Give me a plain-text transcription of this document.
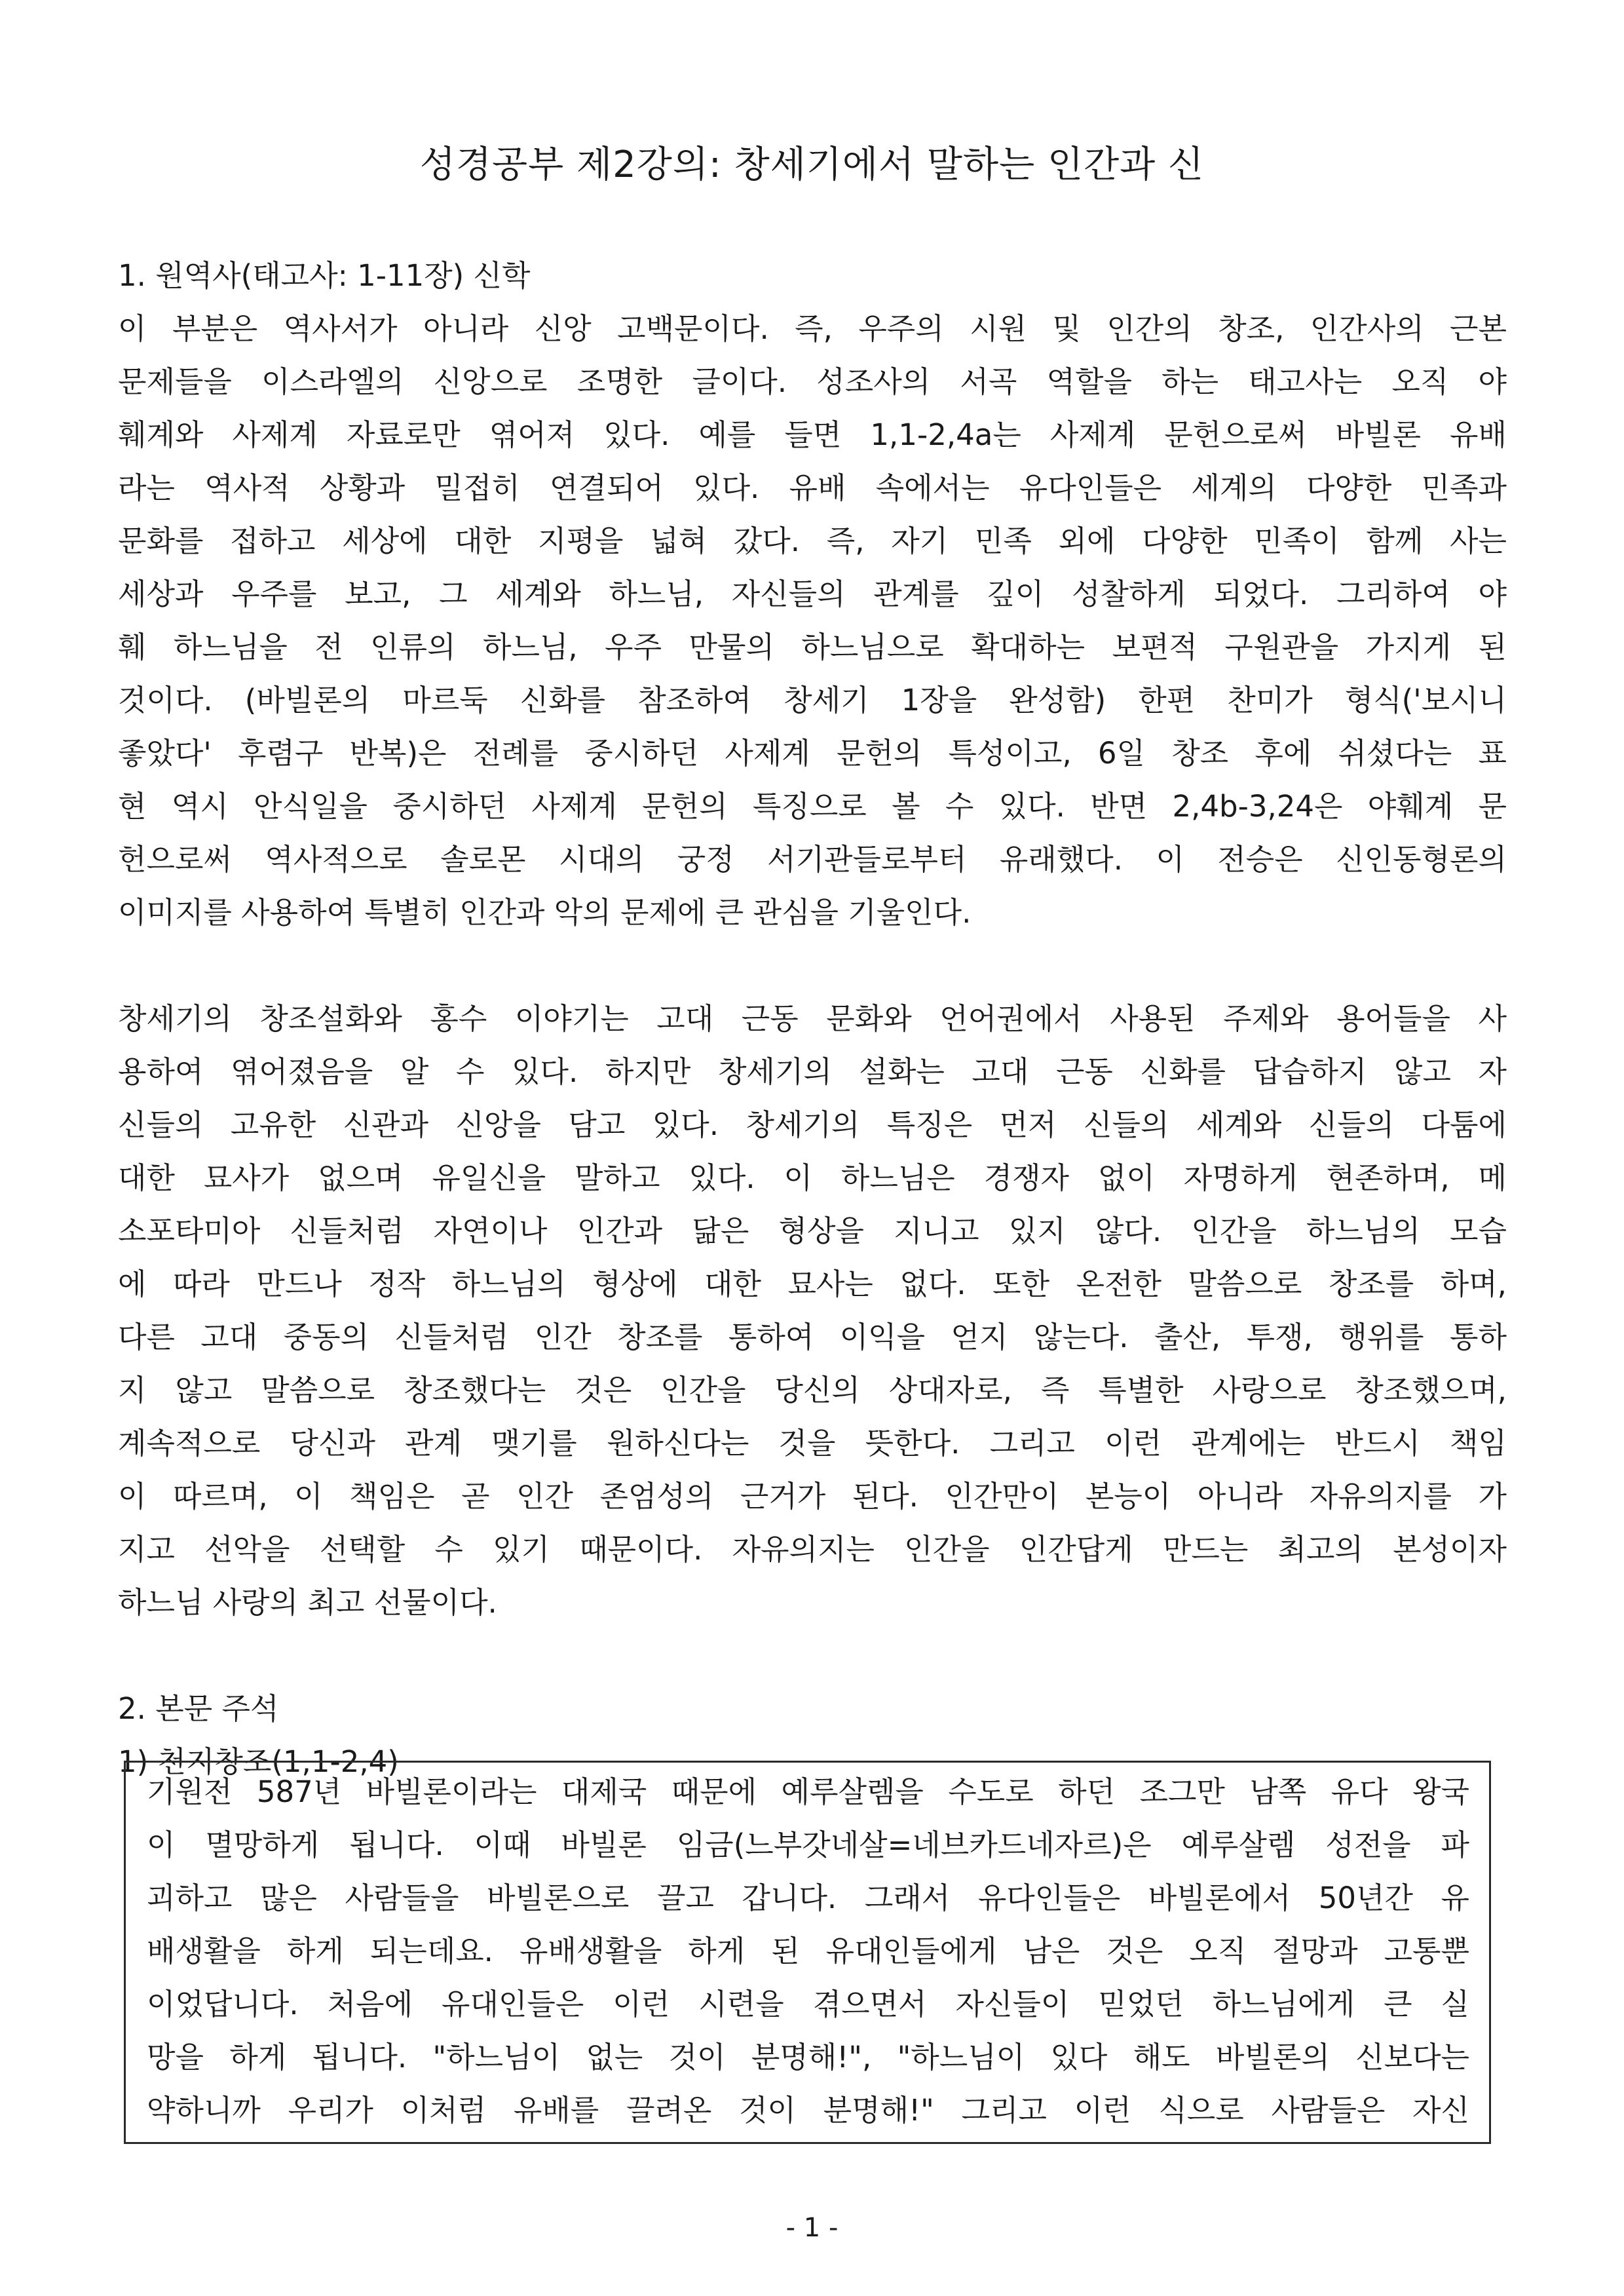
성경공부 제2강의: 창세기에서 말하는 인간과 신
1. 원역사(태고사: 1-11장) 신학
이 부분은 역사서가 아니라 신앙 고백문이다. 즉, 우주의 시원 및 인간의 창조, 인간사의 근본
문제들을 이스라엘의 신앙으로 조명한 글이다. 성조사의 서곡 역할을 하는 태고사는 오직 야
훼계와 사제계 자료로만 엮어져 있다. 예를 들면 1,1-2,4a는 사제계 문헌으로써 바빌론 유배
라는 역사적 상황과 밀접히 연결되어 있다. 유배 속에서는 유다인들은 세계의 다양한 민족과
문화를 접하고 세상에 대한 지평을 넓혀 갔다. 즉, 자기 민족 외에 다양한 민족이 함께 사는
세상과 우주를 보고, 그 세계와 하느님, 자신들의 관계를 깊이 성찰하게 되었다. 그리하여 야
훼 하느님을 전 인류의 하느님, 우주 만물의 하느님으로 확대하는 보편적 구원관을 가지게 된
것이다. (바빌론의 마르둑 신화를 참조하여 창세기 1장을 완성함) 한편 찬미가 형식('보시니
좋았다' 후렴구 반복)은 전례를 중시하던 사제계 문헌의 특성이고, 6일 창조 후에 쉬셨다는 표
현 역시 안식일을 중시하던 사제계 문헌의 특징으로 볼 수 있다. 반면 2,4b-3,24은 야훼계 문
헌으로써 역사적으로 솔로몬 시대의 궁정 서기관들로부터 유래했다. 이 전승은 신인동형론의
이미지를 사용하여 특별히 인간과 악의 문제에 큰 관심을 기울인다.
창세기의 창조설화와 홍수 이야기는 고대 근동 문화와 언어권에서 사용된 주제와 용어들을 사
용하여 엮어졌음을 알 수 있다. 하지만 창세기의 설화는 고대 근동 신화를 답습하지 않고 자
신들의 고유한 신관과 신앙을 담고 있다. 창세기의 특징은 먼저 신들의 세계와 신들의 다툼에
대한 묘사가 없으며 유일신을 말하고 있다. 이 하느님은 경쟁자 없이 자명하게 현존하며, 메
소포타미아 신들처럼 자연이나 인간과 닮은 형상을 지니고 있지 않다. 인간을 하느님의 모습
에 따라 만드나 정작 하느님의 형상에 대한 묘사는 없다. 또한 온전한 말씀으로 창조를 하며,
다른 고대 중동의 신들처럼 인간 창조를 통하여 이익을 얻지 않는다. 출산, 투쟁, 행위를 통하
지 않고 말씀으로 창조했다는 것은 인간을 당신의 상대자로, 즉 특별한 사랑으로 창조했으며,
계속적으로 당신과 관계 맺기를 원하신다는 것을 뜻한다. 그리고 이런 관계에는 반드시 책임
이 따르며, 이 책임은 곧 인간 존엄성의 근거가 된다. 인간만이 본능이 아니라 자유의지를 가
지고 선악을 선택할 수 있기 때문이다. 자유의지는 인간을 인간답게 만드는 최고의 본성이자
하느님 사랑의 최고 선물이다.
2. 본문 주석
1) 천지창조(1,1-2,4)
기원전 587년 바빌론이라는 대제국 때문에 예루살렘을 수도로 하던 조그만 남쪽 유다 왕국
이 멸망하게 됩니다. 이때 바빌론 임금(느부갓네살=네브카드네자르)은 예루살렘 성전을 파
괴하고 많은 사람들을 바빌론으로 끌고 갑니다. 그래서 유다인들은 바빌론에서 50년간 유
배생활을 하게 되는데요. 유배생활을 하게 된 유대인들에게 남은 것은 오직 절망과 고통뿐
이었답니다. 처음에 유대인들은 이런 시련을 겪으면서 자신들이 믿었던 하느님에게 큰 실
망을 하게 됩니다. "하느님이 없는 것이 분명해!", "하느님이 있다 해도 바빌론의 신보다는
약하니까 우리가 이처럼 유배를 끌려온 것이 분명해!" 그리고 이런 식으로 사람들은 자신
- 1 -
